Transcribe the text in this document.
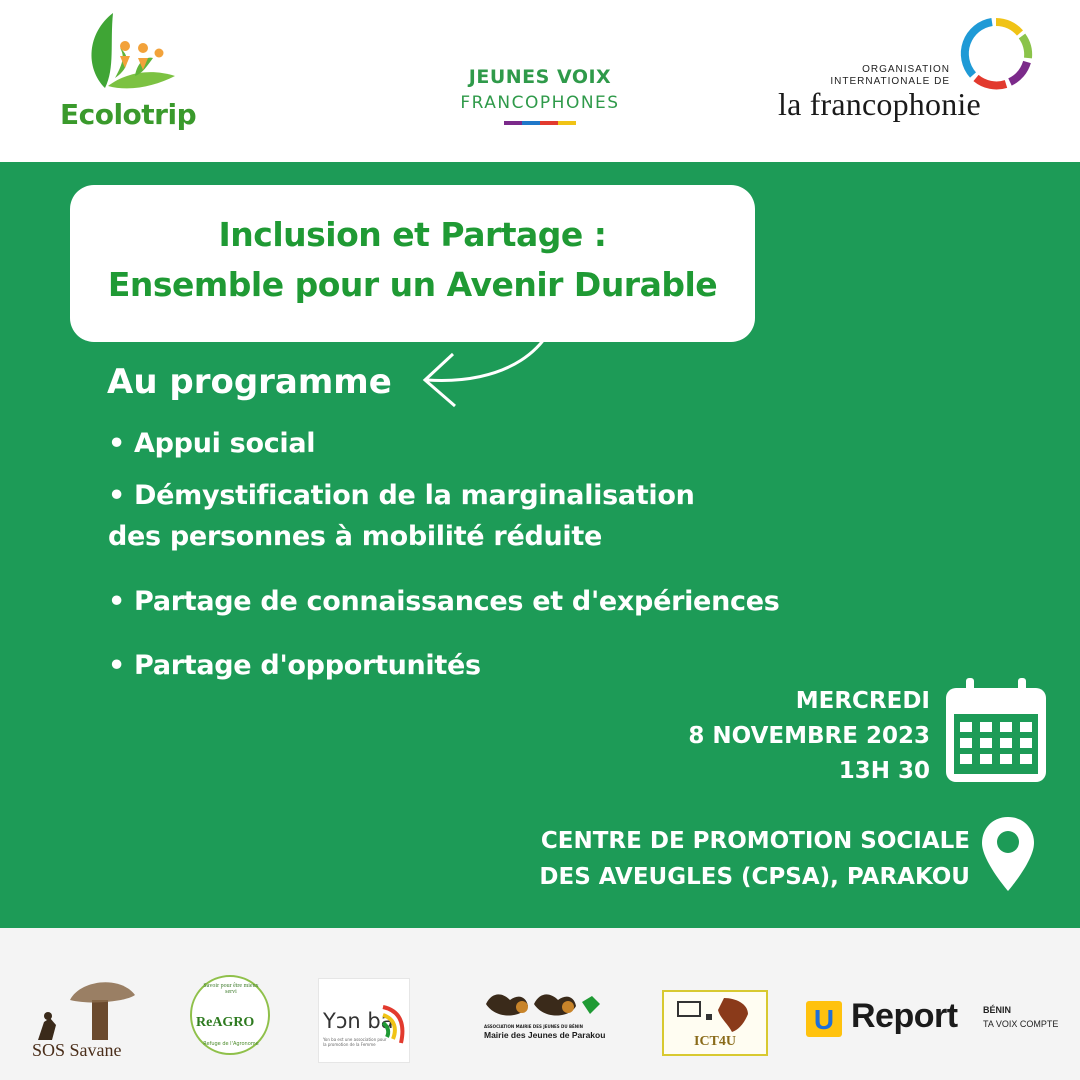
Ecolotrip
JEUNES VOIX
FRANCOPHONES
ORGANISATION
INTERNATIONALE DE
la francophonie
Inclusion et Partage :
Ensemble pour un Avenir Durable
Au programme
• Appui social
• Démystification de la marginalisation
des personnes à mobilité réduite
• Partage de connaissances et d'expériences
• Partage d'opportunités
MERCREDI
8 NOVEMBRE 2023
13H 30
CENTRE DE PROMOTION SOCIALE
DES AVEUGLES (CPSA), PARAKOU
SOS Savane
Savoir pour être mieux servi
ReAGRO
Refuge de l'Agronome
Yɔn ba
Yon ba est une association pour la promotion de la Femme
ASSOCIATION MAIRIE DES JEUNES DU BÉNIN
Mairie des Jeunes de Parakou	ICT4U
U Report	BÉNIN
TA VOIX COMPTE
